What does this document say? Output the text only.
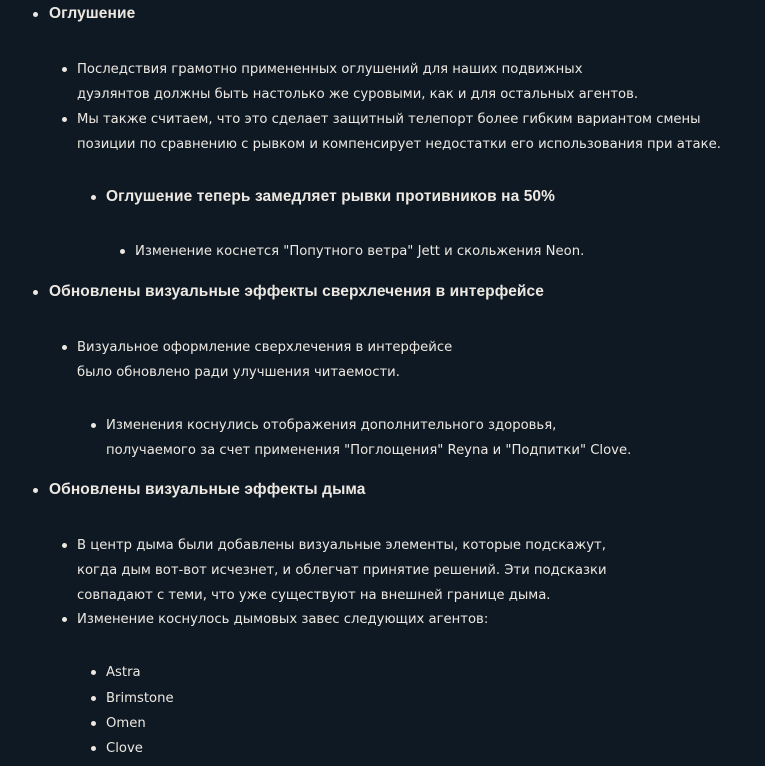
Оглушение
Последствия грамотно примененных оглушений для наших подвижных
дуэлянтов должны быть настолько же суровыми, как и для остальных агентов.
Мы также считаем, что это сделает защитный телепорт более гибким вариантом смены
позиции по сравнению с рывком и компенсирует недостатки его использования при атаке.
Оглушение теперь замедляет рывки противников на 50%
Изменение коснется "Попутного ветра" Jett и скольжения Neon.
Обновлены визуальные эффекты сверхлечения в интерфейсе
Визуальное оформление сверхлечения в интерфейсе
было обновлено ради улучшения читаемости.
Изменения коснулись отображения дополнительного здоровья,
получаемого за счет применения "Поглощения" Reyna и "Подпитки" Clove.
Обновлены визуальные эффекты дыма
В центр дыма были добавлены визуальные элементы, которые подскажут,
когда дым вот-вот исчезнет, и облегчат принятие решений. Эти подсказки
совпадают с теми, что уже существуют на внешней границе дыма.
Изменение коснулось дымовых завес следующих агентов:
Astra
Brimstone
Omen
Clove
